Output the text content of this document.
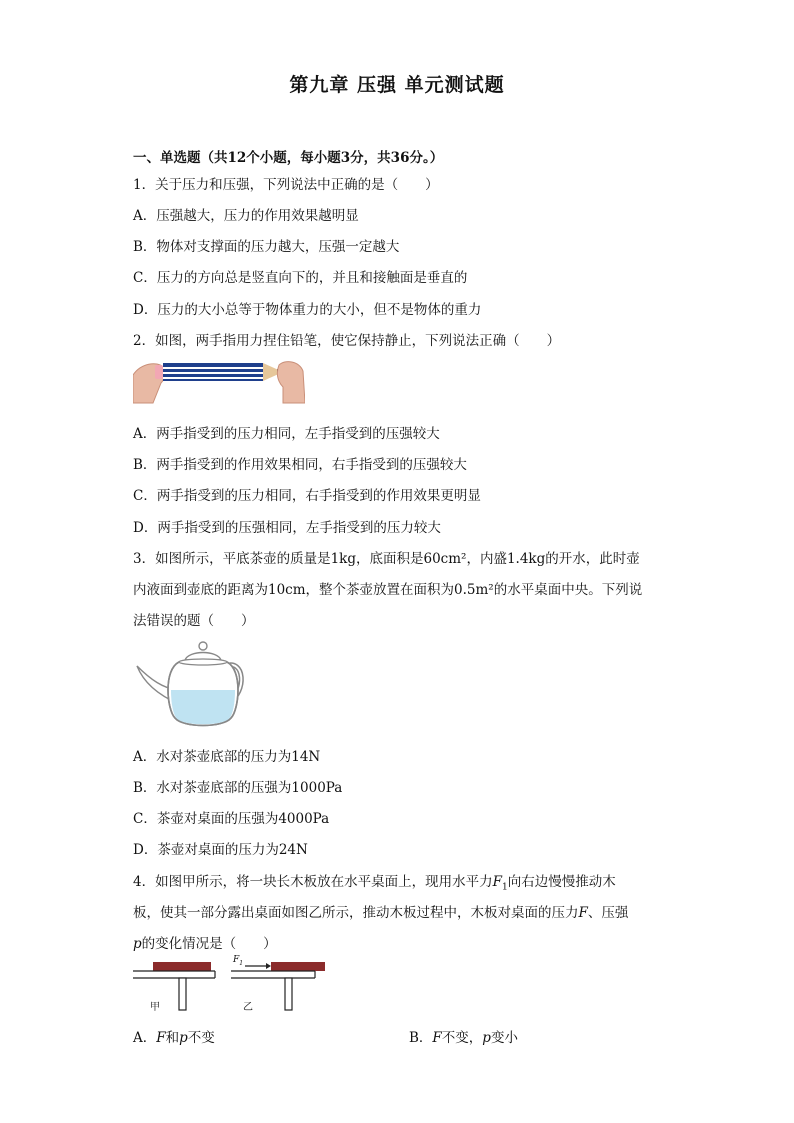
第九章 压强 单元测试题
一、单选题（共12个小题，每小题3分，共36分。）
1．关于压力和压强，下列说法中正确的是（　　）
A．压强越大，压力的作用效果越明显
B．物体对支撑面的压力越大，压强一定越大
C．压力的方向总是竖直向下的，并且和接触面是垂直的
D．压力的大小总等于物体重力的大小，但不是物体的重力
2．如图，两手指用力捏住铅笔，使它保持静止，下列说法正确（　　）
A．两手指受到的压力相同，左手指受到的压强较大
B．两手指受到的作用效果相同，右手指受到的压强较大
C．两手指受到的压力相同，右手指受到的作用效果更明显
D．两手指受到的压强相同，左手指受到的压力较大
3．如图所示，平底茶壶的质量是1kg，底面积是60cm²，内盛1.4kg的开水，此时壶
内液面到壶底的距离为10cm，整个茶壶放置在面积为0.5m²的水平桌面中央。下列说
法错误的题（　　）
A．水对茶壶底部的压力为14N
B．水对茶壶底部的压强为1000Pa
C．茶壶对桌面的压强为4000Pa
D．茶壶对桌面的压力为24N
4．如图甲所示，将一块长木板放在水平桌面上，现用水平力$F_1$向右边慢慢推动木
板，使其一部分露出桌面如图乙所示，推动木板过程中，木板对桌面的压力F、压强
p的变化情况是（　　）
$F_1$
甲	乙
A．F和p不变	B．F不变，p变小
